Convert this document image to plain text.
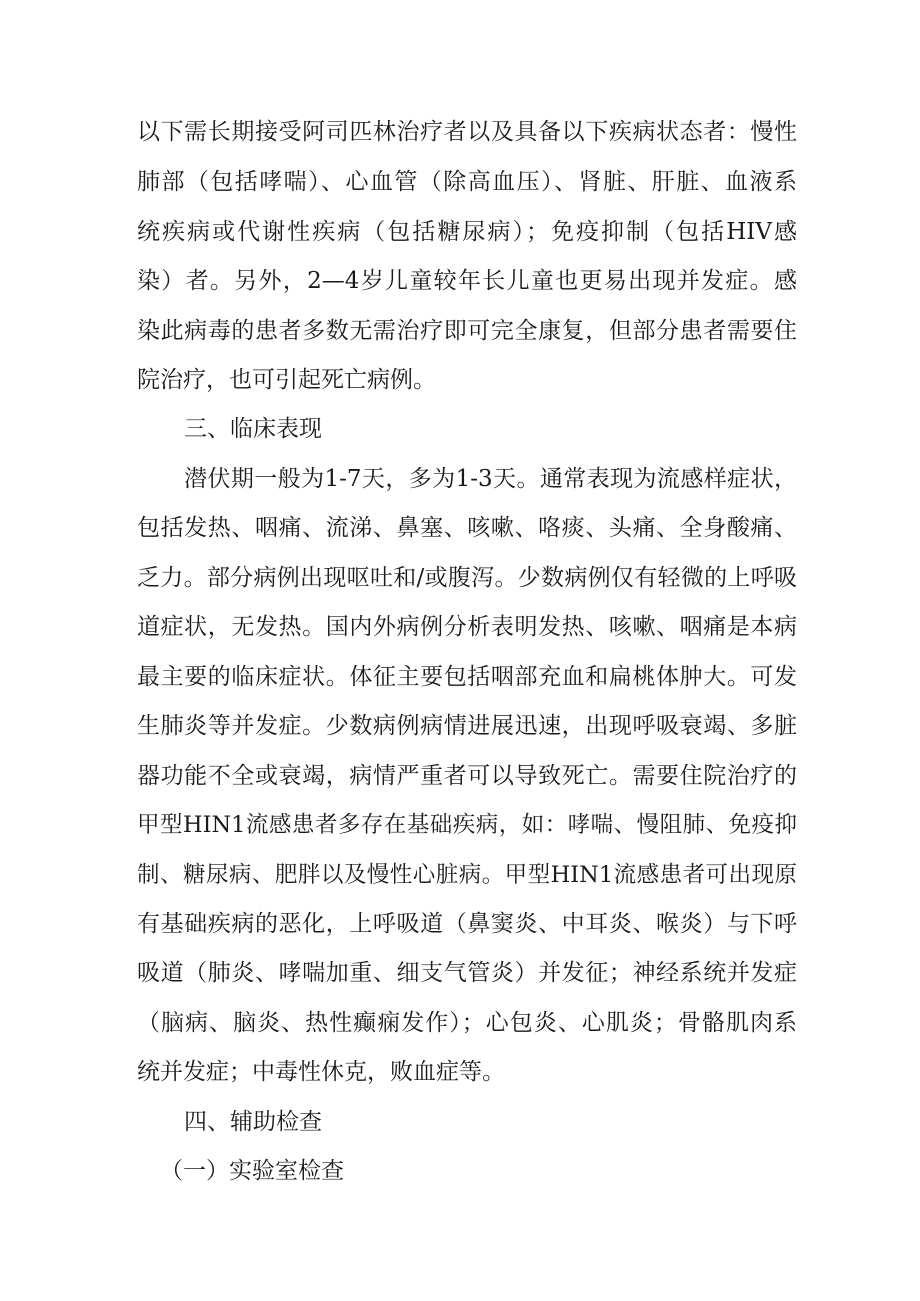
以下需长期接受阿司匹林治疗者以及具备以下疾病状态者：慢性
肺部（包括哮喘）、心血管（除高血压）、肾脏、肝脏、血液系
统疾病或代谢性疾病（包括糖尿病）；免疫抑制（包括HIV感
染）者。另外，2—4岁儿童较年长儿童也更易出现并发症。感
染此病毒的患者多数无需治疗即可完全康复，但部分患者需要住
院治疗，也可引起死亡病例。
三、临床表现
潜伏期一般为1-7天，多为1-3天。通常表现为流感样症状，
包括发热、咽痛、流涕、鼻塞、咳嗽、咯痰、头痛、全身酸痛、
乏力。部分病例出现呕吐和/或腹泻。少数病例仅有轻微的上呼吸
道症状，无发热。国内外病例分析表明发热、咳嗽、咽痛是本病
最主要的临床症状。体征主要包括咽部充血和扁桃体肿大。可发
生肺炎等并发症。少数病例病情进展迅速，出现呼吸衰竭、多脏
器功能不全或衰竭，病情严重者可以导致死亡。需要住院治疗的
甲型HIN1流感患者多存在基础疾病，如：哮喘、慢阻肺、免疫抑
制、糖尿病、肥胖以及慢性心脏病。甲型HIN1流感患者可出现原
有基础疾病的恶化，上呼吸道（鼻窦炎、中耳炎、喉炎）与下呼
吸道（肺炎、哮喘加重、细支气管炎）并发征；神经系统并发症
（脑病、脑炎、热性癫痫发作）；心包炎、心肌炎；骨骼肌肉系
统并发症；中毒性休克，败血症等。
四、辅助检查
（一）实验室检查
